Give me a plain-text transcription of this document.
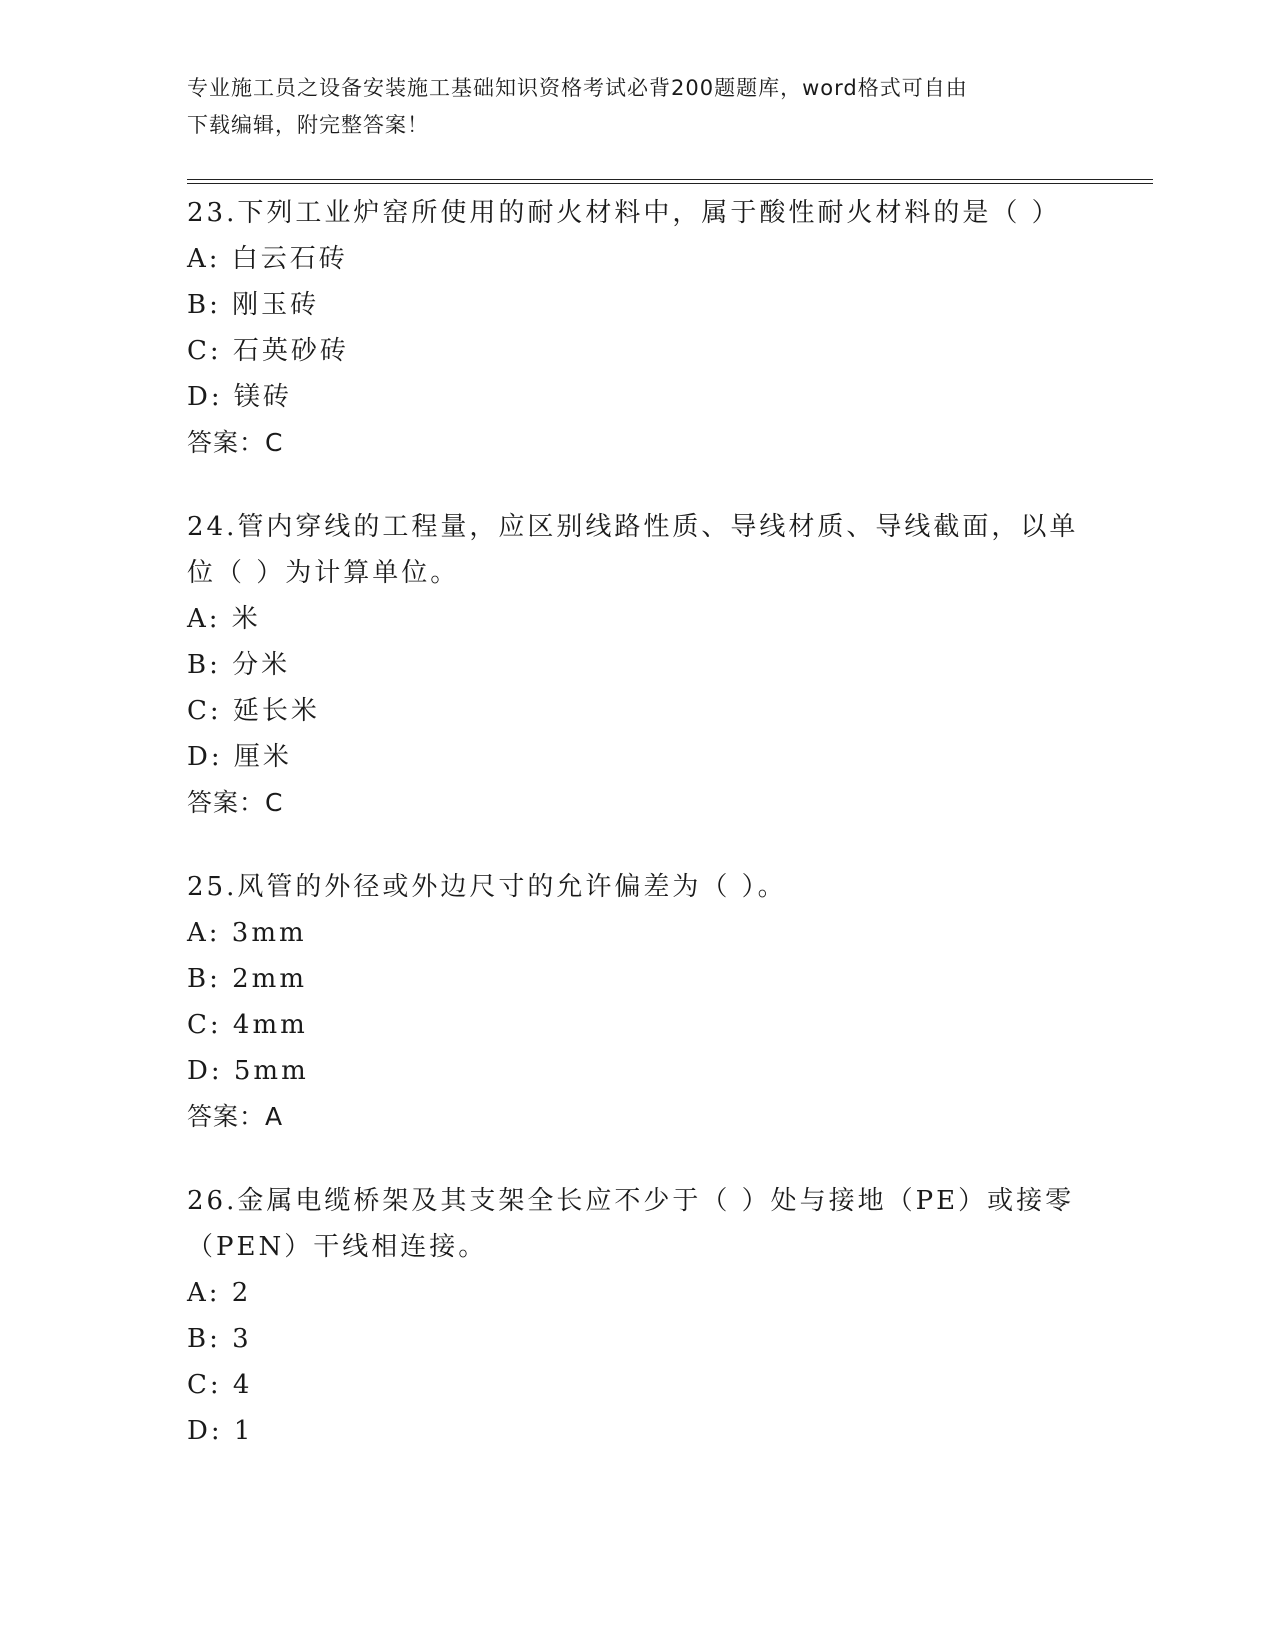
专业施工员之设备安装施工基础知识资格考试必背200题题库，word格式可自由
下载编辑，附完整答案！
23.下列工业炉窑所使用的耐火材料中，属于酸性耐火材料的是（ ）
A: 白云石砖
B: 刚玉砖
C: 石英砂砖
D: 镁砖
答案：C
24.管内穿线的工程量，应区别线路性质、导线材质、导线截面，以单
位（ ）为计算单位。
A: 米
B: 分米
C: 延长米
D: 厘米
答案：C
25.风管的外径或外边尺寸的允许偏差为（ ）。
A: 3mm
B: 2mm
C: 4mm
D: 5mm
答案：A
26.金属电缆桥架及其支架全长应不少于（ ）处与接地（PE）或接零
（PEN）干线相连接。
A: 2
B: 3
C: 4
D: 1
